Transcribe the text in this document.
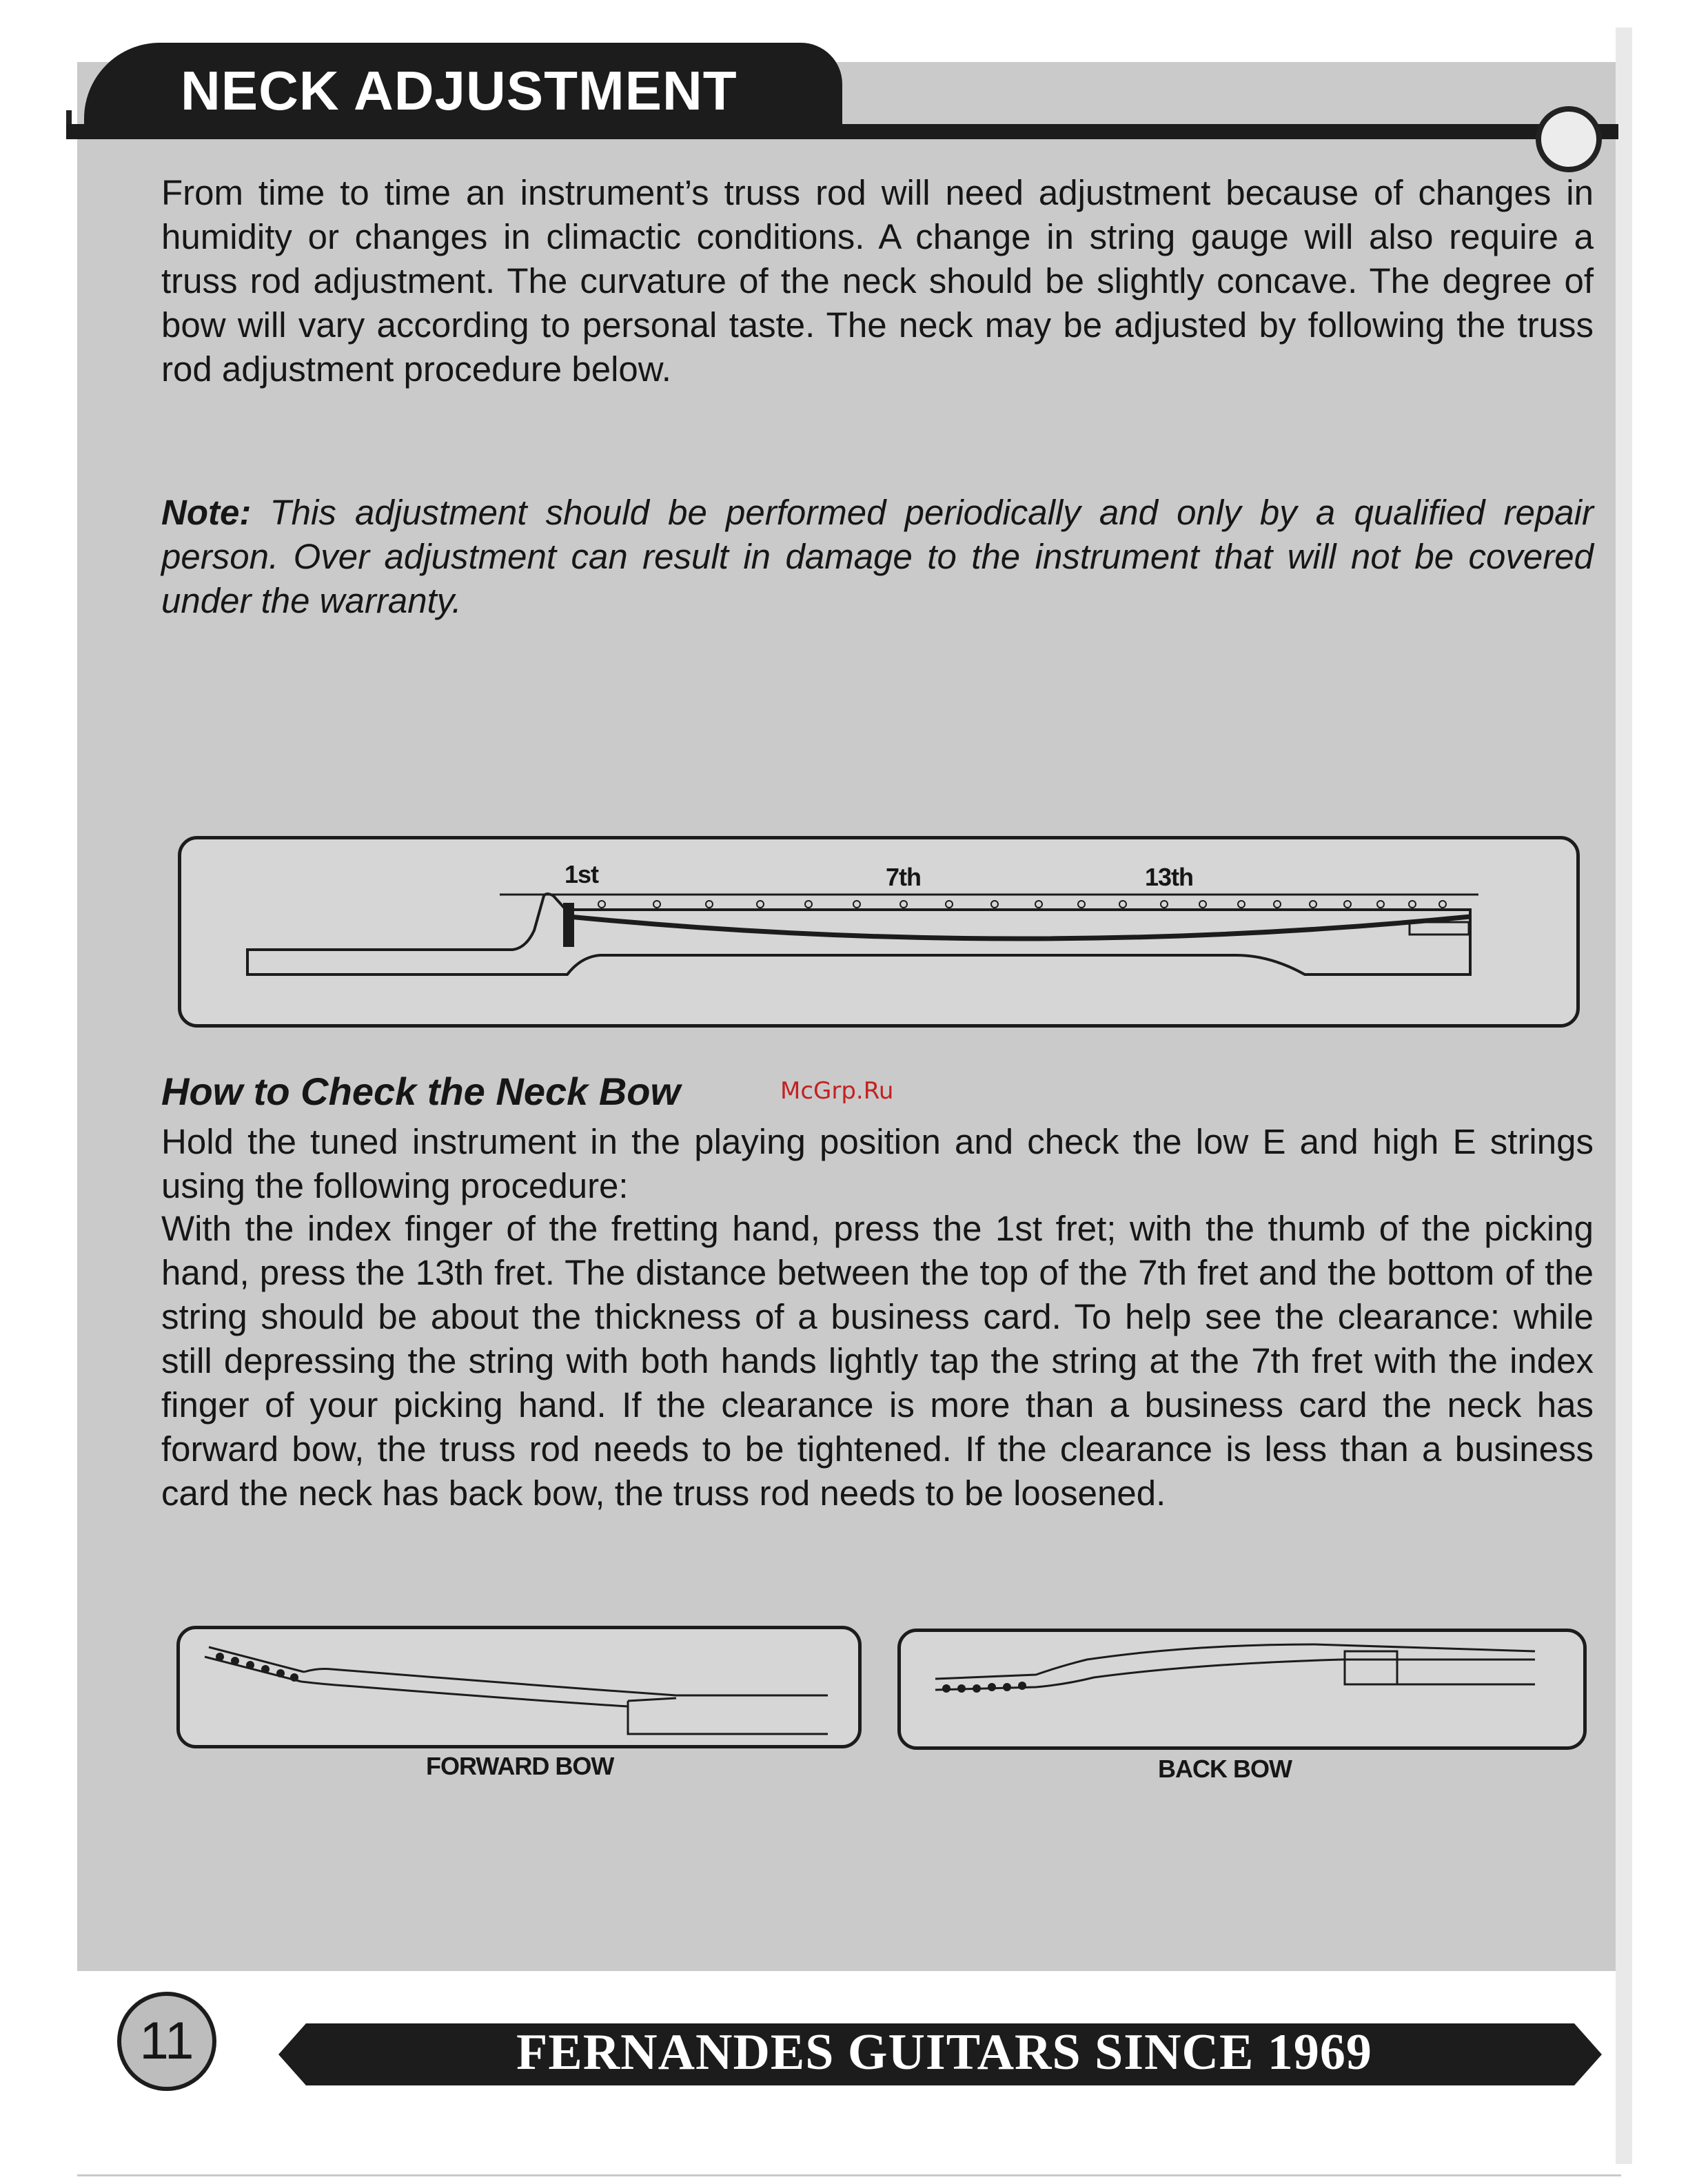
NECK ADJUSTMENT

From time to time an instrument’s truss rod will need adjustment because of changes in humidity or changes in climactic conditions. A change in string gauge will also require a truss rod adjustment. The curvature of the neck should be slightly concave. The degree of bow will vary according to personal taste. The neck may be adjusted by following the truss rod adjustment procedure below.

Note: This adjustment should be performed periodically and only by a qualified repair person. Over adjustment can result in damage to the instrument that will not be covered under the warranty.

1st	7th	13th
How to Check the Neck Bow	McGrp.Ru

Hold the tuned instrument in the playing position and check the low E and high E strings using the following procedure:

With the index finger of the fretting hand, press the 1st fret; with the thumb of the picking hand, press the 13th fret. The distance between the top of the 7th fret and the bottom of the string should be about the thickness of a business card. To help see the clearance: while still depressing the string with both hands lightly tap the string at the 7th fret with the index finger of your picking hand. If the clearance is more than a business card the neck has forward bow, the truss rod needs to be tightened. If the clearance is less than a business card the neck has back bow, the truss rod needs to be loosened.

FORWARD BOW	BACK BOW
11	FERNANDES GUITARS SINCE 1969
